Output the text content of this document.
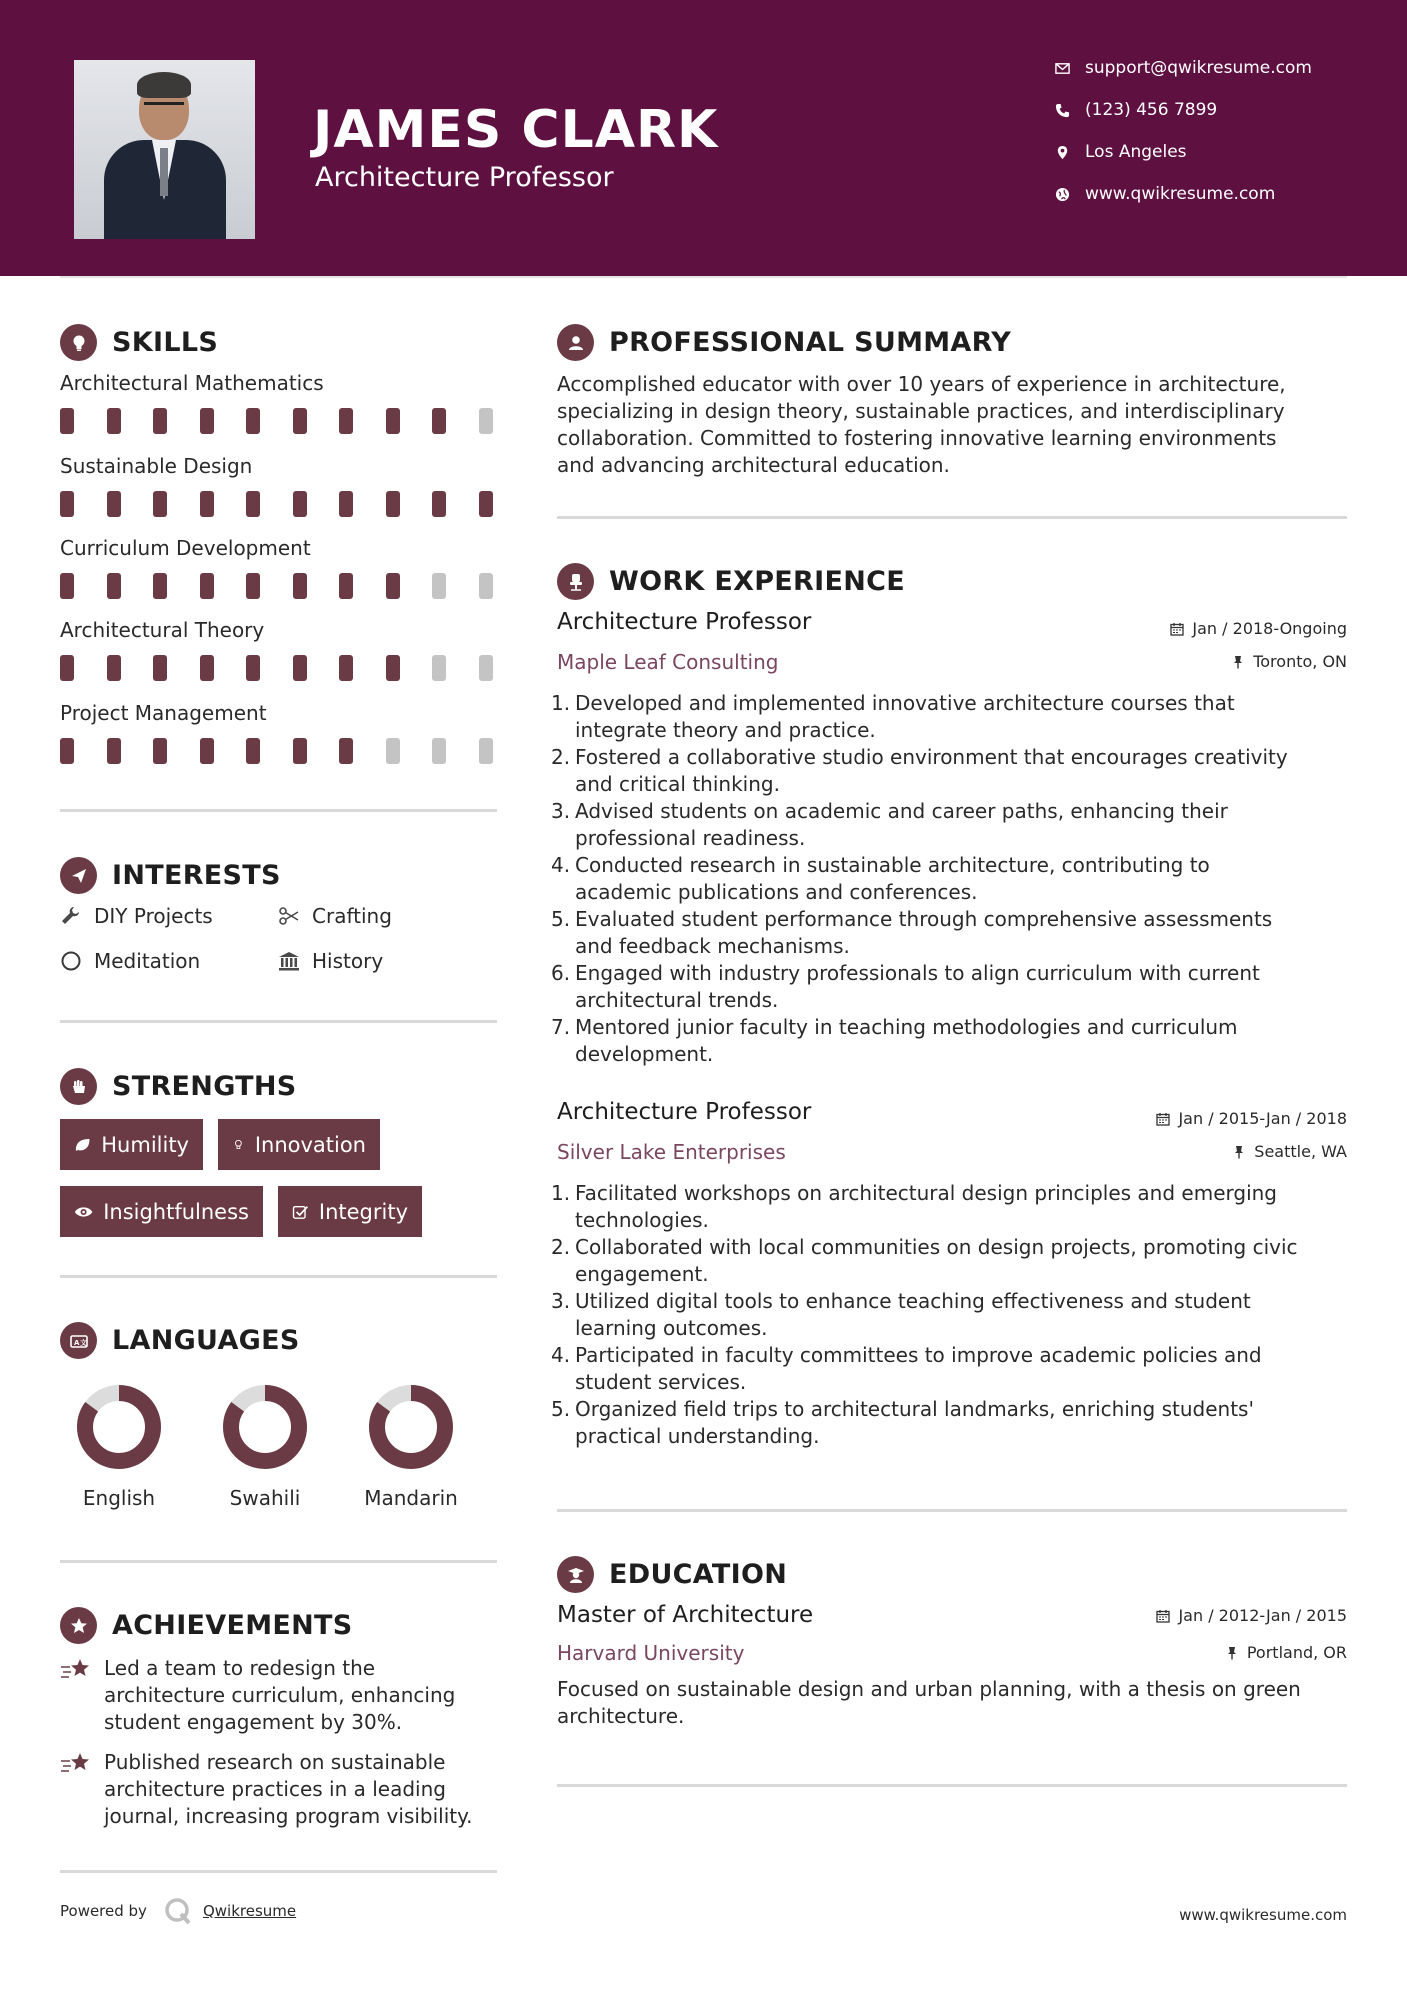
JAMES CLARK
Architecture Professor
support@qwikresume.com
(123) 456 7899
Los Angeles
www.qwikresume.com
SKILLS
Architectural Mathematics
Sustainable Design
Curriculum Development
Architectural Theory
Project Management
INTERESTS
DIY Projects	Crafting
Meditation	History
STRENGTHS
Humility	Innovation
Insightfulness	Integrity
A 文 LANGUAGES
English	Swahili	Mandarin
ACHIEVEMENTS
Led a team to redesign the
architecture curriculum, enhancing
student engagement by 30%.
Published research on sustainable
architecture practices in a leading
journal, increasing program visibility.
PROFESSIONAL SUMMARY
Accomplished educator with over 10 years of experience in architecture,
specializing in design theory, sustainable practices, and interdisciplinary
collaboration. Committed to fostering innovative learning environments
and advancing architectural education.
WORK EXPERIENCE
Architecture Professor	Jan / 2018-Ongoing
Maple Leaf Consulting	Toronto, ON
1. Developed and implemented innovative architecture courses that
integrate theory and practice.
2. Fostered a collaborative studio environment that encourages creativity
and critical thinking.
3. Advised students on academic and career paths, enhancing their
professional readiness.
4. Conducted research in sustainable architecture, contributing to
academic publications and conferences.
5. Evaluated student performance through comprehensive assessments
and feedback mechanisms.
6. Engaged with industry professionals to align curriculum with current
architectural trends.
7. Mentored junior faculty in teaching methodologies and curriculum
development.
Architecture Professor	Jan / 2015-Jan / 2018
Silver Lake Enterprises	Seattle, WA
1. Facilitated workshops on architectural design principles and emerging
technologies.
2. Collaborated with local communities on design projects, promoting civic
engagement.
3. Utilized digital tools to enhance teaching effectiveness and student
learning outcomes.
4. Participated in faculty committees to improve academic policies and
student services.
5. Organized field trips to architectural landmarks, enriching students'
practical understanding.
EDUCATION
Master of Architecture	Jan / 2012-Jan / 2015
Harvard University	Portland, OR
Focused on sustainable design and urban planning, with a thesis on green
architecture.
Powered by	Qwikresume	www.qwikresume.com
